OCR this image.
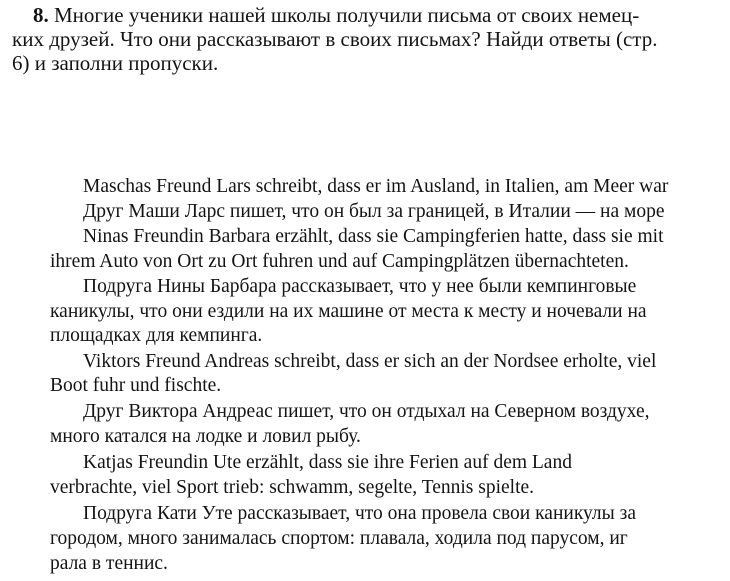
8. Многие ученики нашей школы получили письма от своих немец-
ких друзей. Что они рассказывают в своих письмах? Найди ответы (стр.
6) и заполни пропуски.
Maschas Freund Lars schreibt, dass er im Ausland, in Italien, am Meer war
Друг Маши Ларс пишет, что он был за границей, в Италии — на море
Ninas Freundin Barbara erzählt, dass sie Campingferien hatte, dass sie mit
ihrem Auto von Ort zu Ort fuhren und auf Campingplätzen übernachteten.
Подруга Нины Барбара рассказывает, что у нее были кемпинговые
каникулы, что они ездили на их машине от места к месту и ночевали на
площадках для кемпинга.
Viktors Freund Andreas schreibt, dass er sich an der Nordsee erholte, viel
Boot fuhr und fischte.
Друг Виктора Андреас пишет, что он отдыхал на Северном воздухе,
много катался на лодке и ловил рыбу.
Katjas Freundin Ute erzählt, dass sie ihre Ferien auf dem Land
verbrachte, viel Sport trieb: schwamm, segelte, Tennis spielte.
Подруга Кати Уте рассказывает, что она провела свои каникулы за
городом, много занималась спортом: плавала, ходила под парусом, иг
рала в теннис.
